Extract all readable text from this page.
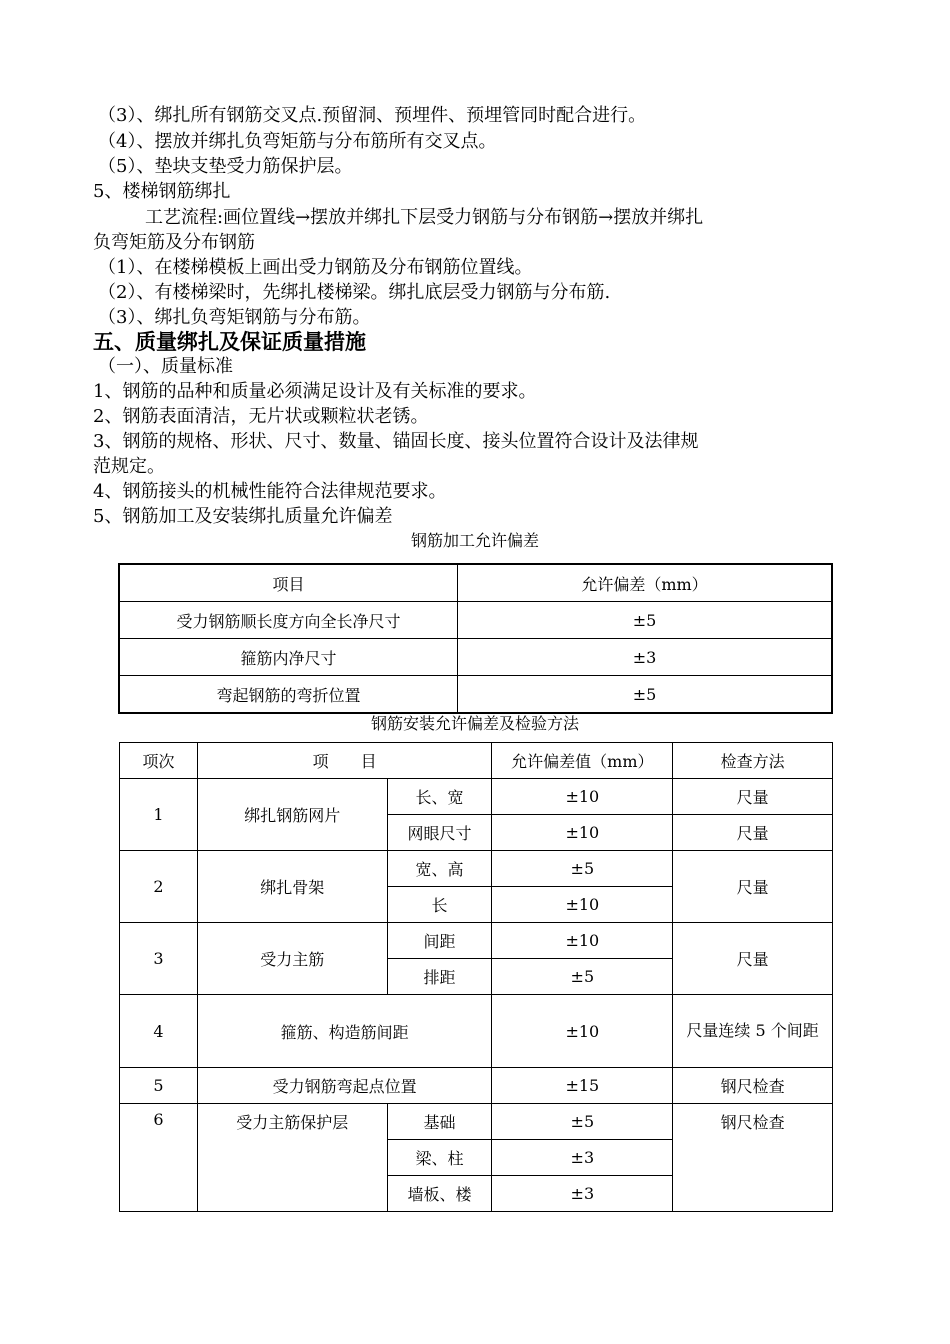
（3）、绑扎所有钢筋交叉点.预留洞、预埋件、预埋管同时配合进行。
（4）、摆放并绑扎负弯矩筋与分布筋所有交叉点。
（5）、垫块支垫受力筋保护层。
5、楼梯钢筋绑扎
工艺流程:画位置线→摆放并绑扎下层受力钢筋与分布钢筋→摆放并绑扎
负弯矩筋及分布钢筋
（1）、在楼梯模板上画出受力钢筋及分布钢筋位置线。
（2）、有楼梯梁时，先绑扎楼梯梁。绑扎底层受力钢筋与分布筋.
（3）、绑扎负弯矩钢筋与分布筋。
五、质量绑扎及保证质量措施
（一）、质量标准
1、钢筋的品种和质量必须满足设计及有关标准的要求。
2、钢筋表面清洁，无片状或颗粒状老锈。
3、钢筋的规格、形状、尺寸、数量、锚固长度、接头位置符合设计及法律规
范规定。
4、钢筋接头的机械性能符合法律规范要求。
5、钢筋加工及安装绑扎质量允许偏差
钢筋加工允许偏差
项目	允许偏差（mm）
受力钢筋顺长度方向全长净尺寸	±5
箍筋内净尺寸	±3
弯起钢筋的弯折位置	±5
钢筋安装允许偏差及检验方法
项次	项　　目		允许偏差值（mm）	检查方法
1	绑扎钢筋网片	长、宽	±10	尺量
		网眼尺寸	±10	尺量
2	绑扎骨架	宽、高	±5	尺量
		长	±10	
3	受力主筋	间距	±10	尺量
		排距	±5	
4	箍筋、构造筋间距		±10	尺量连续 5 个间距
5	受力钢筋弯起点位置		±15	钢尺检查
6	受力主筋保护层	基础	±5	钢尺检查
		梁、柱	±3	
		墙板、楼	±3	
